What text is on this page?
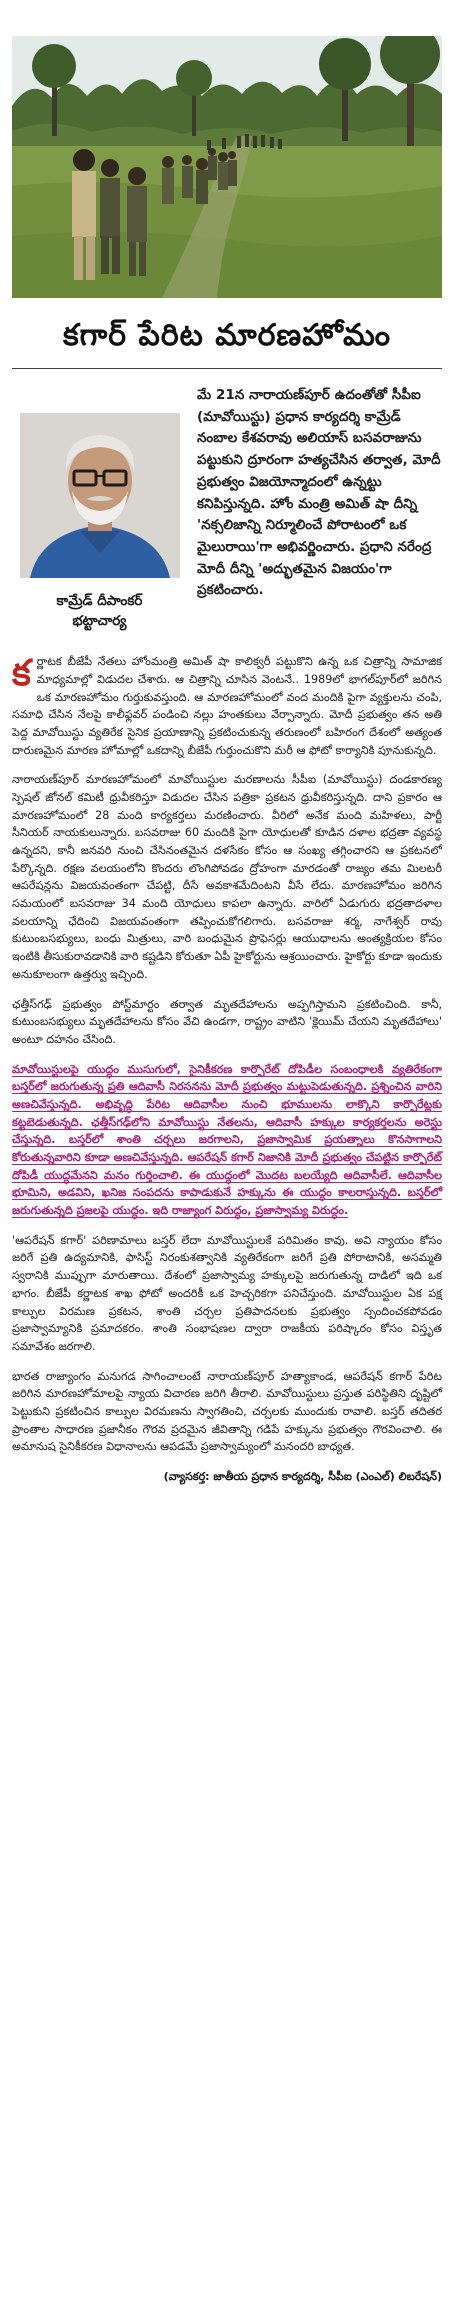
కగార్ పేరిట మారణహోమం
కామ్రేడ్ దీపాంకర్
భట్టాచార్య

మే 21న నారాయణ్‌పూర్ ఉదంతోతో సీపీఐ (మావోయిస్టు) ప్రధాన కార్యదర్శి కామ్రేడ్ నంబాల కేశవరావు అలియాస్ బసవరాజును పట్టుకుని ద్రూరంగా హత్యచేసిన తర్వాత, మోదీ ప్రభుత్వం విజయోన్మాదంలో ఉన్నట్టు కనిపిస్తున్నది. హోం మంత్రి అమిత్ షా దీన్ని 'నక్సలిజాన్ని నిర్మూలించే పోరాటంలో ఒక మైలురాయి'గా అభివర్ణించారు. ప్రధాని నరేంద్ర మోదీ దీన్ని 'అద్భుతమైన విజయం'గా ప్రకటించారు.

క ర్ణాటక బీజేపీ నేతలు హోంమంత్రి అమిత్ షా కాలిక్వరీ పట్టుకొని ఉన్న ఒక చిత్రాన్ని సామాజిక మాధ్యమాల్లో విడుదల చేశారు. ఆ చిత్రాన్ని చూసిన వెంటనే.. 1989లో భాగల్‌పూర్‌లో జరిగిన ఒక మారణహోమం గుర్తుకువస్తుంది. ఆ మారణహోమంలో వంద మందికి పైగా వ్యక్తులను చంపి, సమాధి చేసిన నేలపై కాలీఫ్లవర్ పండించి నల్లు హంతకులు వేర్పాన్నారు. మోదీ ప్రభుత్వం తన అతి పెద్ద మావోయిస్టు వ్యతిరేక సైనిక ప్రయాణాన్ని ప్రకటించుకున్న తరుణంలో బహిరంగ దేశంలో అత్యంత దారుణమైన మారణ హోమాల్లో ఒకదాన్ని బీజేపీ గుర్తుంచుకొని మరీ ఆ ఫోటో కార్యానికి పూనుకున్నది.

నారాయణ్‌పూర్ మారణహోమంలో మావోయిస్టుల మరణాలను సీపీఐ (మావోయిస్టు) దండకారణ్య స్పెషల్ జోనల్ కమిటీ ధ్రువీకరిస్తూ విడుదల చేసిన పత్రికా ప్రకటన ధ్రువీకరిస్తున్నది. దాని ప్రకారం ఆ మారణహోమంలో 28 మంది కార్యకర్తలు మరణించారు. వీరిలో అనేక మంది మహిళలు, పార్టీ సీనియర్ నాయకులున్నారు. బసవరాజు 60 మందికి పైగా యోధులతో కూడిన దళాల భద్రతా వ్యవస్థ ఉన్నదని, కానీ జనవరి నుంచి చేసినంతమైన దళసేకం కోసం ఆ సంఖ్య తగ్గించారని ఆ ప్రకటనలో పేర్కొన్నది. రక్షణ వలయంలోని కొందరు లొంగిపోవడం ద్రోహంగా మారడంతో రాజ్యం తమ మిలటరీ ఆపరేషన్లను విజయవంతంగా చేపట్టి, దీసే అవకాశమేదింటని వీసే లేదు. మారణహోమం జరిగిన సమయంలో బసవరాజు 34 మంది యోధులు కాపలా ఉన్నారు. వారిలో ఏడుగురు భద్రతాదళాల వలయాన్ని ఛేదించి విజయవంతంగా తప్పించుకోగలిగారు. బసవరాజు శర్మ, నాగేశ్వర్‌ రావు కుటుంబసభ్యులు, బంధు మిత్రులు, వారి బంధుమైన ప్రొఫెసర్లు ఆయుధాలను అంత్యక్రియల కోసం ఇంటికి తీసుకురావడానికి వారి కష్టడిని కోరుతూ ఏపీ హైకోర్టును ఆశ్రయించారు. హైకోర్టు కూడా ఇందుకు అనుకూలంగా ఉత్తర్వు ఇచ్చింది.

ఛత్తీస్‌గఢ్ ప్రభుత్వం పోస్ట్‌మార్టం తర్వాత మృతదేహాలను అప్పగిస్తామని ప్రకటించింది. కానీ, కుటుంబసభ్యులు మృతదేహాలను కోసం వేచి ఉండగా, రాష్ట్రం వాటిని 'క్లెయిమ్ చేయని మృతదేహాలు' అంటూ దహనం చేసింది.

మావోయిస్టులపై యుద్ధం ముసుగులో, సైనికీకరణ కార్పొరేట్ దోపిడీల సంబంధాలకి వ్యతిరేకంగా బస్తర్‌లో జరుగుతున్న ప్రతి ఆదివాసీ నిరసనను మోదీ ప్రభుత్వం మట్టుపెడుతున్నది. ప్రశ్నించిన వారిని అణచివేస్తున్నది. అభివృద్ధి పేరిట ఆదివాసీల నుంచి భూములను లాక్కొని కార్పొరేట్లకు కట్టబెడుతున్నది. ఛత్తీస్‌గఢ్‌లోని మావోయిస్టు నేతలను, ఆదివాసీ హక్కుల కార్యకర్తలను అరెస్టు చేస్తున్నది. బస్తర్‌లో శాంతి చర్చలు జరగాలని, ప్రజాస్వామిక ప్రయత్నాలు కొనసాగాలని కోరుతున్నవారిని కూడా అణచివేస్తున్నది. ఆపరేషన్ కగార్ నిజానికి మోదీ ప్రభుత్వం చేపట్టిన కార్పొరేట్ దోపిడీ యుద్ధమేనని మనం గుర్తించాలి. ఈ యుద్ధంలో మొదట బలయ్యేది ఆదివాసీలే. ఆదివాసీల భూమిని, అడవిని, ఖనిజ సంపదను కాపాడుకునే హక్కును ఈ యుద్ధం కాలరాస్తున్నది. బస్తర్‌లో జరుగుతున్నది ప్రజలపై యుద్ధం. ఇది రాజ్యాంగ విరుద్ధం, ప్రజాస్వామ్య విరుద్ధం.

'ఆపరేషన్ కగార్' పరిణామాలు బస్తర్ లేదా మావోయిస్టులకే పరిమితం కావు. అవి న్యాయం కోసం జరిగే ప్రతి ఉద్యమానికి, ఫాసిస్ట్ నిరంకుశత్వానికి వ్యతిరేకంగా జరిగే ప్రతి పోరాటానికి, అసమ్మతి స్వరానికి ముప్పుగా మారుతాయి. దేశంలో ప్రజాస్వామ్య హక్కులపై జరుగుతున్న దాడిలో ఇది ఒక భాగం. బీజేపీ కర్ణాటక శాఖ ఫోటో అందరికీ ఒక హెచ్చరికగా పనిచేస్తుంది. మావోయిస్టుల ఏక పక్ష కాల్పుల విరమణ ప్రకటన, శాంతి చర్చల ప్రతిపాదనలకు ప్రభుత్వం స్పందించకపోవడం ప్రజాస్వామ్యానికి ప్రమాదకరం. శాంతి సంభాషణల ద్వారా రాజకీయ పరిష్కారం కోసం విస్తృత సమావేశం జరగాలి.

భారత రాజ్యాంగం మనుగడ సాగించాలంటే నారాయణ్‌పూర్ హత్యాకాండ, ఆపరేషన్ కగార్ పేరిట జరిగిన మారణహోమాలపై న్యాయ విచారణ జరిగి తీరాలి. మావోయిస్టులు ప్రస్తుత పరిస్థితిని దృష్టిలో పెట్టుకుని ప్రకటించిన కాల్పుల విరమణను స్వాగతించి, చర్చలకు ముందుకు రావాలి. బస్తర్ తదితర ప్రాంతాల సాధారణ ప్రజానీకం గౌరవ ప్రదమైన జీవితాన్ని గడిపే హక్కును ప్రభుత్వం గౌరవించాలి. ఈ అమానుష సైనికీకరణ విధానాలను ఆపడమే ప్రజాస్వామ్యంలో మనందరి బాధ్యత.

(వ్యాసకర్త: జాతీయ ప్రధాన కార్యదర్శి, సీపీఐ (ఎంఎల్) లిబరేషన్)
